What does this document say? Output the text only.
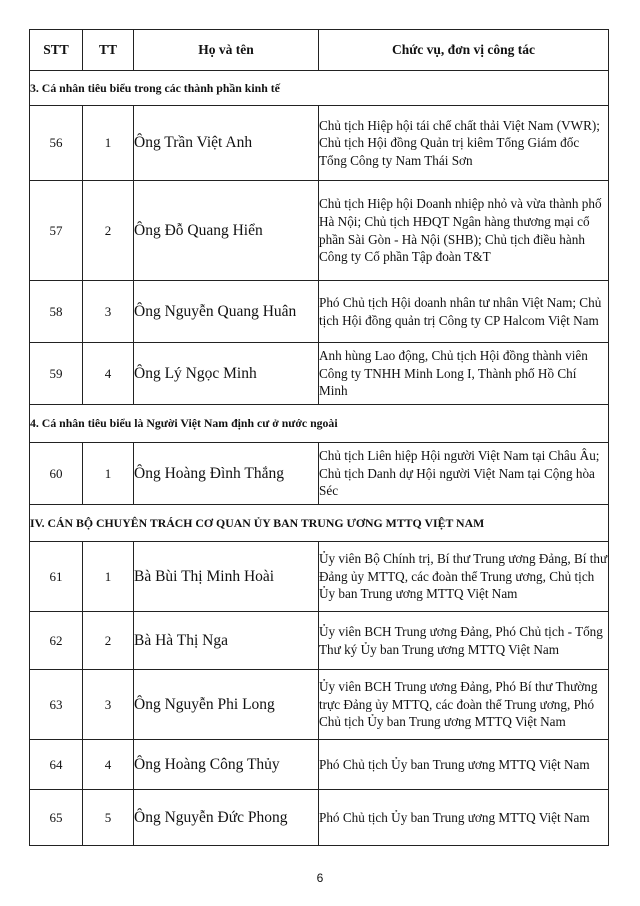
STT	TT	Họ và tên	Chức vụ, đơn vị công tác
3. Cá nhân tiêu biểu trong các thành phần kinh tế			
56	1	Ông Trần Việt Anh	Chủ tịch Hiệp hội tái chế chất thải Việt Nam (VWR); Chủ tịch Hội đồng Quản trị kiêm Tổng Giám đốc Tổng Công ty Nam Thái Sơn
57	2	Ông Đỗ Quang Hiển	Chủ tịch Hiệp hội Doanh nhiệp nhỏ và vừa thành phố Hà Nội; Chủ tịch HĐQT Ngân hàng thương mại cổ phần Sài Gòn - Hà Nội (SHB); Chủ tịch điều hành Công ty Cổ phần Tập đoàn T&T
58	3	Ông Nguyễn Quang Huân	Phó Chủ tịch Hội doanh nhân tư nhân Việt Nam; Chủ tịch Hội đồng quản trị Công ty CP Halcom Việt Nam
59	4	Ông Lý Ngọc Minh	Anh hùng Lao động, Chủ tịch Hội đồng thành viên Công ty TNHH Minh Long I, Thành phố Hồ Chí Minh
4. Cá nhân tiêu biểu là Người Việt Nam định cư ở nước ngoài			
60	1	Ông Hoàng Đình Thắng	Chủ tịch Liên hiệp Hội người Việt Nam tại Châu Âu; Chủ tịch Danh dự Hội người Việt Nam tại Cộng hòa Séc
IV. CÁN BỘ CHUYÊN TRÁCH CƠ QUAN ỦY BAN TRUNG ƯƠNG MTTQ VIỆT NAM			
61	1	Bà Bùi Thị Minh Hoài	Ủy viên Bộ Chính trị, Bí thư Trung ương Đảng, Bí thư Đảng ủy MTTQ, các đoàn thể Trung ương, Chủ tịch Ủy ban Trung ương MTTQ Việt Nam
62	2	Bà Hà Thị Nga	Ủy viên BCH Trung ương Đảng, Phó Chủ tịch - Tổng Thư ký Ủy ban Trung ương MTTQ Việt Nam
63	3	Ông Nguyễn Phi Long	Ủy viên BCH Trung ương Đảng, Phó Bí thư Thường trực Đảng ủy MTTQ, các đoàn thể Trung ương, Phó Chủ tịch Ủy ban Trung ương MTTQ Việt Nam
64	4	Ông Hoàng Công Thủy	Phó Chủ tịch Ủy ban Trung ương MTTQ Việt Nam
65	5	Ông Nguyễn Đức Phong	Phó Chủ tịch Ủy ban Trung ương MTTQ Việt Nam
6
